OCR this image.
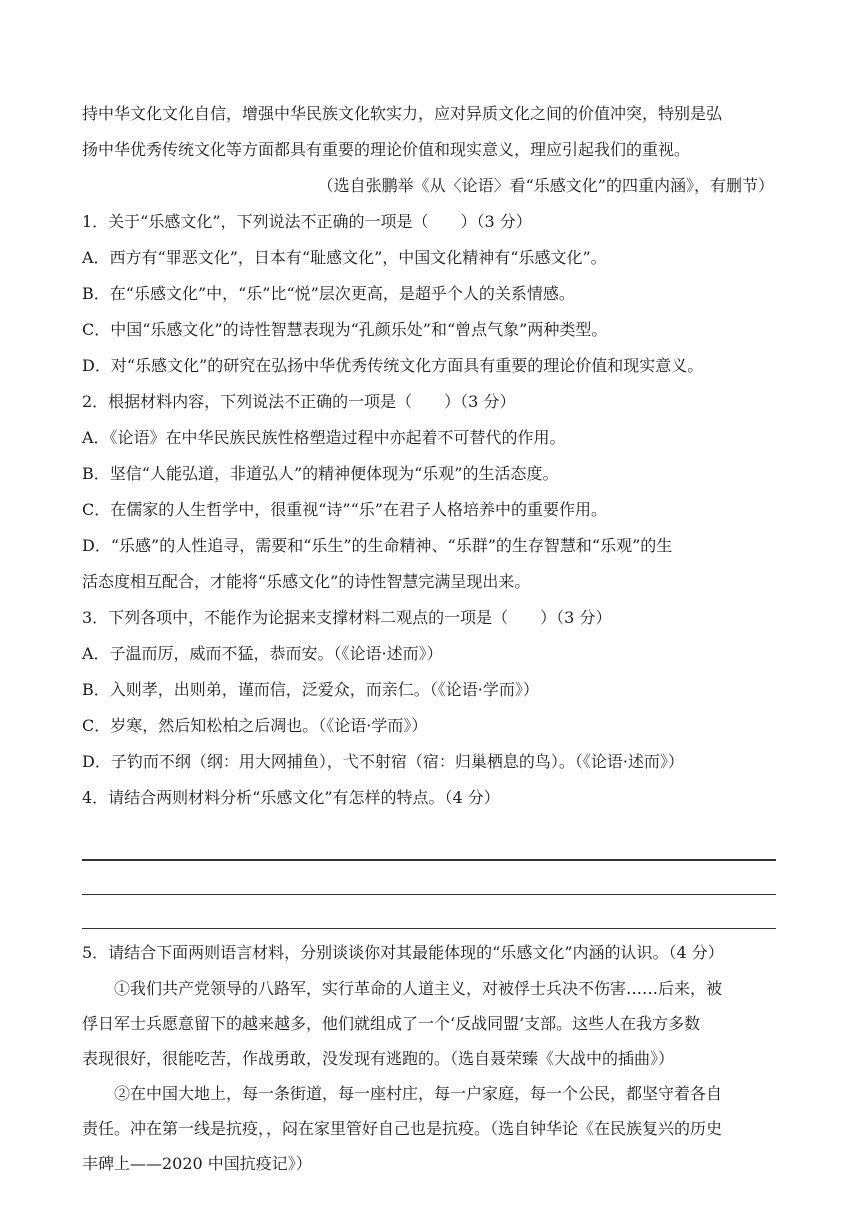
持中华文化文化自信，增强中华民族文化软实力，应对异质文化之间的价值冲突，特别是弘

扬中华优秀传统文化等方面都具有重要的理论价值和现实意义，理应引起我们的重视。

（选自张鹏举《从〈论语〉看“乐感文化”的四重内涵》，有删节）

1．关于“乐感文化”，下列说法不正确的一项是（　　）（3 分）

A．西方有“罪恶文化”，日本有“耻感文化”，中国文化精神有“乐感文化”。

B．在“乐感文化”中，“乐”比“悦”层次更高，是超乎个人的关系情感。

C．中国“乐感文化”的诗性智慧表现为“孔颜乐处”和“曾点气象”两种类型。

D．对“乐感文化”的研究在弘扬中华优秀传统文化方面具有重要的理论价值和现实意义。

2．根据材料内容，下列说法不正确的一项是（　　）（3 分）

A．《论语》在中华民族民族性格塑造过程中亦起着不可替代的作用。

B．坚信“人能弘道，非道弘人”的精神便体现为“乐观”的生活态度。

C．在儒家的人生哲学中，很重视“诗”“乐”在君子人格培养中的重要作用。

D．“乐感”的人性追寻，需要和“乐生”的生命精神、“乐群”的生存智慧和“乐观”的生

活态度相互配合，才能将“乐感文化”的诗性智慧完满呈现出来。

3．下列各项中，不能作为论据来支撑材料二观点的一项是（　　）（3 分）

A．子温而厉，威而不猛，恭而安。（《论语·述而》）

B．入则孝，出则弟，谨而信，泛爱众，而亲仁。（《论语·学而》）

C．岁寒，然后知松柏之后凋也。（《论语·学而》）

D．子钓而不纲（纲：用大网捕鱼），弋不射宿（宿：归巢栖息的鸟）。（《论语·述而》）

4．请结合两则材料分析“乐感文化”有怎样的特点。（4 分）

5．请结合下面两则语言材料，分别谈谈你对其最能体现的“乐感文化”内涵的认识。（4 分）

①我们共产党领导的八路军，实行革命的人道主义，对被俘士兵决不伤害……后来，被

俘日军士兵愿意留下的越来越多，他们就组成了一个‘反战同盟’支部。这些人在我方多数

表现很好，很能吃苦，作战勇敢，没发现有逃跑的。（选自聂荣臻《大战中的插曲》）

②在中国大地上，每一条街道，每一座村庄，每一户家庭，每一个公民，都坚守着各自

责任。冲在第一线是抗疫，，闷在家里管好自己也是抗疫。（选自钟华论《在民族复兴的历史

丰碑上——2020 中国抗疫记》）
